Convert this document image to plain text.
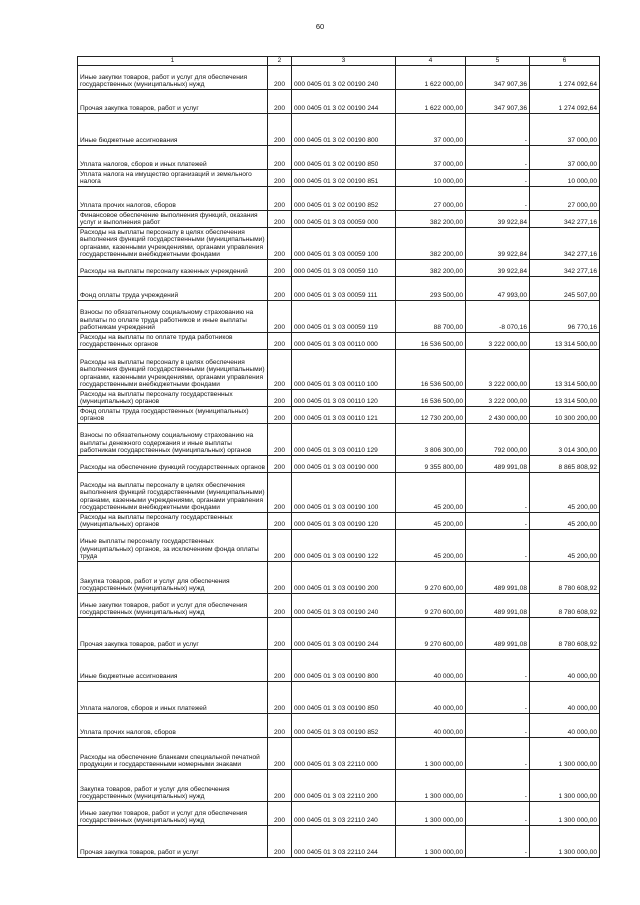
60
1	2	3	4	5	6
Иные закупки товаров, работ и услуг для обеспечения государственных (муниципальных) нужд	200	000 0405 01 3 02 00190 240	1 622 000,00	347 907,36	1 274 092,64
Прочая закупка товаров, работ и услуг	200	000 0405 01 3 02 00190 244	1 622 000,00	347 907,36	1 274 092,64
Иные бюджетные ассигнования	200	000 0405 01 3 02 00190 800	37 000,00	-	37 000,00
Уплата налогов, сборов и иных платежей	200	000 0405 01 3 02 00190 850	37 000,00	-	37 000,00
Уплата налога на имущество организаций и земельного налога	200	000 0405 01 3 02 00190 851	10 000,00	-	10 000,00
Уплата прочих налогов, сборов	200	000 0405 01 3 02 00190 852	27 000,00	-	27 000,00
Финансовое обеспечение выполнения функций, оказания услуг и выполнения работ	200	000 0405 01 3 03 00059 000	382 200,00	39 922,84	342 277,16
Расходы на выплаты персоналу в целях обеспечения выполнения функций государственными (муниципальными) органами, казенными учреждениями, органами управления государственными внебюджетными фондами	200	000 0405 01 3 03 00059 100	382 200,00	39 922,84	342 277,16
Расходы на выплаты персоналу казенных учреждений	200	000 0405 01 3 03 00059 110	382 200,00	39 922,84	342 277,16
Фонд оплаты труда учреждений	200	000 0405 01 3 03 00059 111	293 500,00	47 993,00	245 507,00
Взносы по обязательному социальному страхованию на выплаты по оплате труда работников и иные выплаты работникам учреждений	200	000 0405 01 3 03 00059 119	88 700,00	-8 070,16	96 770,16
Расходы на выплаты по оплате труда работников государственных органов	200	000 0405 01 3 03 00110 000	16 536 500,00	3 222 000,00	13 314 500,00
Расходы на выплаты персоналу в целях обеспечения выполнения функций государственными (муниципальными) органами, казенными учреждениями, органами управления государственными внебюджетными фондами	200	000 0405 01 3 03 00110 100	16 536 500,00	3 222 000,00	13 314 500,00
Расходы на выплаты персоналу государственных (муниципальных) органов	200	000 0405 01 3 03 00110 120	16 536 500,00	3 222 000,00	13 314 500,00
Фонд оплаты труда государственных (муниципальных) органов	200	000 0405 01 3 03 00110 121	12 730 200,00	2 430 000,00	10 300 200,00
Взносы по обязательному социальному страхованию на выплаты денежного содержания и иные выплаты работникам государственных (муниципальных) органов	200	000 0405 01 3 03 00110 129	3 806 300,00	792 000,00	3 014 300,00
Расходы на обеспечение функций государственных органов	200	000 0405 01 3 03 00190 000	9 355 800,00	489 991,08	8 865 808,92
Расходы на выплаты персоналу в целях обеспечения выполнения функций государственными (муниципальными) органами, казенными учреждениями, органами управления государственными внебюджетными фондами	200	000 0405 01 3 03 00190 100	45 200,00	-	45 200,00
Расходы на выплаты персоналу государственных (муниципальных) органов	200	000 0405 01 3 03 00190 120	45 200,00	-	45 200,00
Иные выплаты персоналу государственных (муниципальных) органов, за исключением фонда оплаты труда	200	000 0405 01 3 03 00190 122	45 200,00	-	45 200,00
Закупка товаров, работ и услуг для обеспечения государственных (муниципальных) нужд	200	000 0405 01 3 03 00190 200	9 270 600,00	489 991,08	8 780 608,92
Иные закупки товаров, работ и услуг для обеспечения государственных (муниципальных) нужд	200	000 0405 01 3 03 00190 240	9 270 600,00	489 991,08	8 780 608,92
Прочая закупка товаров, работ и услуг	200	000 0405 01 3 03 00190 244	9 270 600,00	489 991,08	8 780 608,92
Иные бюджетные ассигнования	200	000 0405 01 3 03 00190 800	40 000,00	-	40 000,00
Уплата налогов, сборов и иных платежей	200	000 0405 01 3 03 00190 850	40 000,00	-	40 000,00
Уплата прочих налогов, сборов	200	000 0405 01 3 03 00190 852	40 000,00	-	40 000,00
Расходы на обеспечение бланками специальной печатной продукции и государственными номерными знаками	200	000 0405 01 3 03 22110 000	1 300 000,00	-	1 300 000,00
Закупка товаров, работ и услуг для обеспечения государственных (муниципальных) нужд	200	000 0405 01 3 03 22110 200	1 300 000,00	-	1 300 000,00
Иные закупки товаров, работ и услуг для обеспечения государственных (муниципальных) нужд	200	000 0405 01 3 03 22110 240	1 300 000,00	-	1 300 000,00
Прочая закупка товаров, работ и услуг	200	000 0405 01 3 03 22110 244	1 300 000,00	-	1 300 000,00
